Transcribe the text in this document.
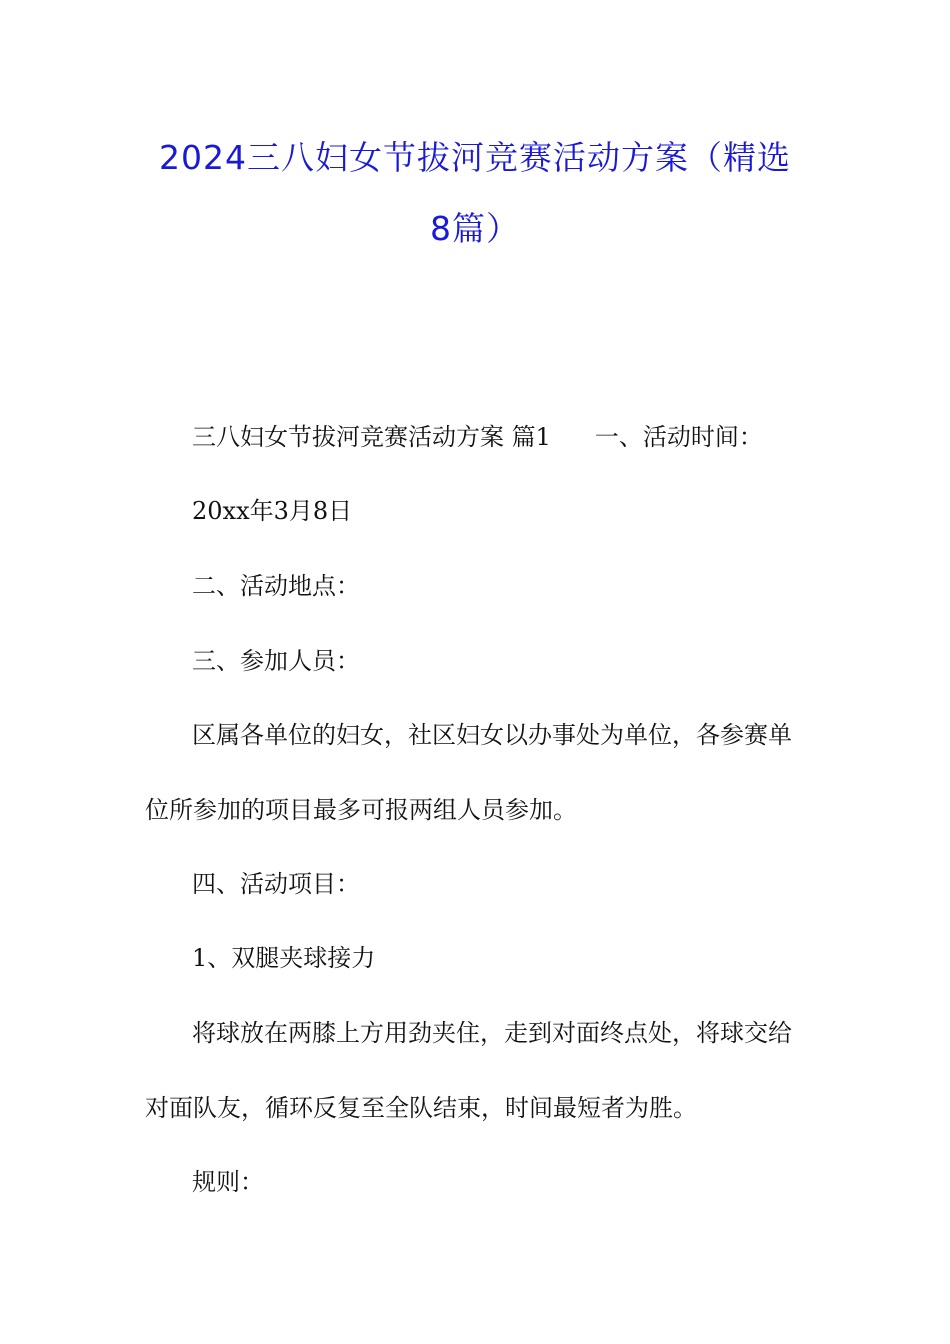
2024三八妇女节拔河竞赛活动方案（精选
8篇）
三八妇女节拔河竞赛活动方案 篇1 一、活动时间：
20xx年3月8日
二、活动地点：
三、参加人员：
区属各单位的妇女，社区妇女以办事处为单位，各参赛单
位所参加的项目最多可报两组人员参加。
四、活动项目：
1、双腿夹球接力
将球放在两膝上方用劲夹住，走到对面终点处，将球交给
对面队友，循环反复至全队结束，时间最短者为胜。
规则：
